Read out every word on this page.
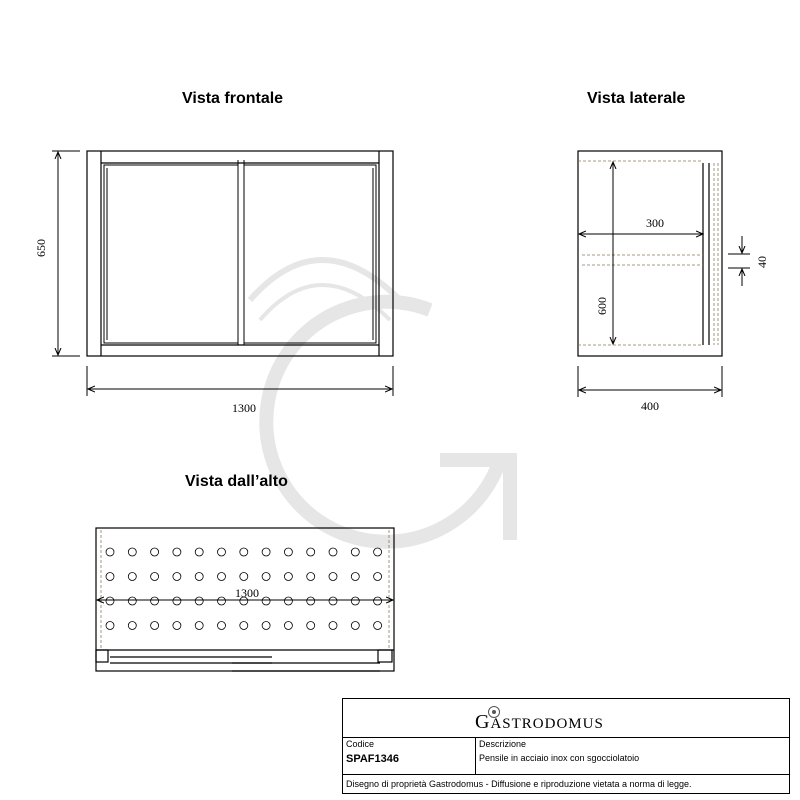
650
1300
300
600
40
400
1300
Vista frontale	Vista laterale
Vista dall’alto
GASTRODOMUS
Codice
SPAF1346
Descrizione
Pensile in acciaio inox con sgocciolatoio
Disegno di proprietà Gastrodomus - Diffusione e riproduzione vietata a norma di legge.
